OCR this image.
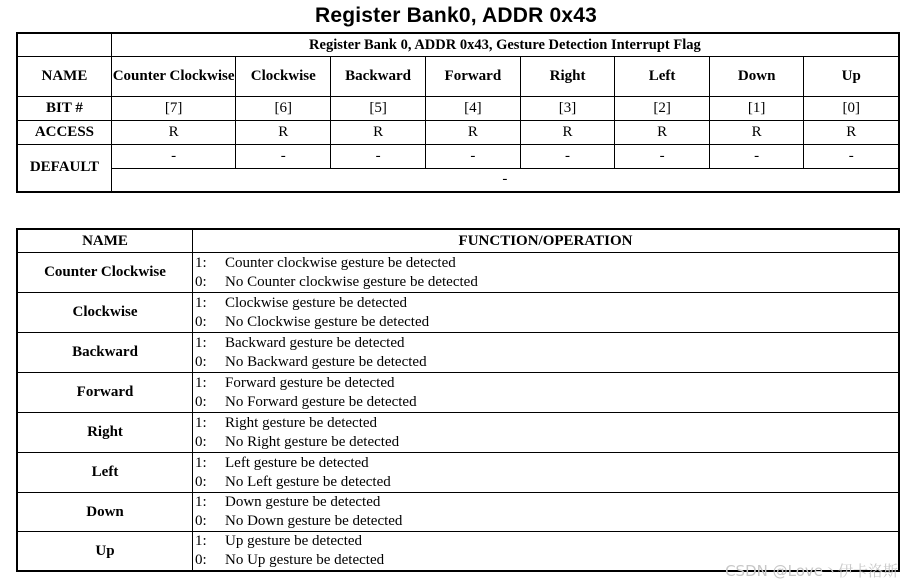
Register Bank0, ADDR 0x43
	Register Bank 0, ADDR 0x43, Gesture Detection Interrupt Flag							
NAME	Counter Clockwise	Clockwise	Backward	Forward	Right	Left	Down	Up
BIT #	[7]	[6]	[5]	[4]	[3]	[2]	[1]	[0]
ACCESS	R	R	R	R	R	R	R	R
DEFAULT	-	-	-	-	-	-	-	-
	-							
NAME	FUNCTION/OPERATION
Counter Clockwise	1: Counter clockwise gesture be detected
0: No Counter clockwise gesture be detected

Clockwise	1: Clockwise gesture be detected
0: No Clockwise gesture be detected

Backward	1: Backward gesture be detected
0: No Backward gesture be detected

Forward	1: Forward gesture be detected
0: No Forward gesture be detected

Right	1: Right gesture be detected
0: No Right gesture be detected

Left	1: Left gesture be detected
0: No Left gesture be detected

Down	1: Down gesture be detected
0: No Down gesture be detected

Up	1: Up gesture be detected
0: No Up gesture be detected
CSDN @Love丶伊卡洛斯
